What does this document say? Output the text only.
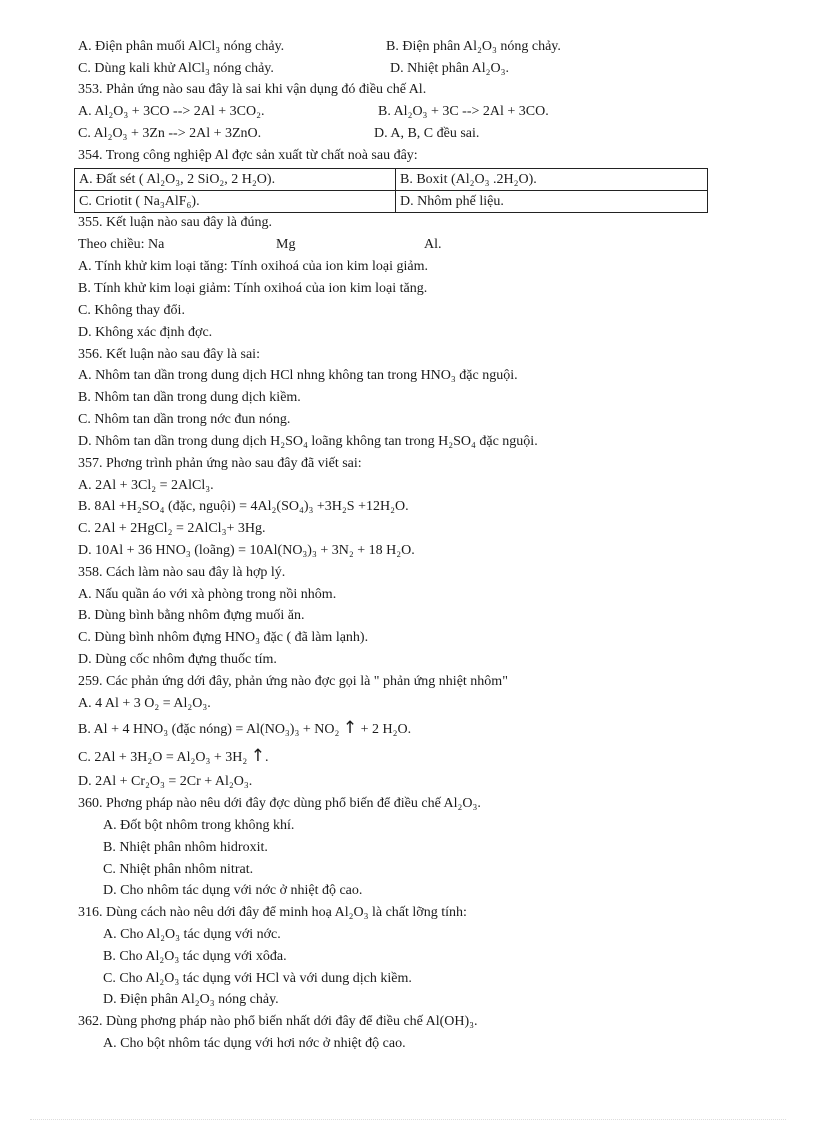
A. Điện phân muối AlCl₃ nóng chảy.	B. Điện phân Al₂O₃ nóng chảy.
C. Dùng kali khử AlCl₃ nóng chảy.	D. Nhiệt phân Al₂O₃.
353. Phản ứng nào sau đây là sai khi vận dụng đó điều chế Al.
A. Al₂O₃ + 3CO --> 2Al + 3CO₂.	B. Al₂O₃ + 3C --> 2Al + 3CO.
C. Al₂O₃ + 3Zn --> 2Al + 3ZnO.	D. A, B, C đều sai.
354. Trong công nghiệp Al đợc sản xuất từ chất noà sau đây:
A. Đất sét ( Al₂O₃, 2 SiO₂, 2 H₂O).	B. Boxit (Al₂O₃ .2H₂O).
C. Criotit ( Na₃AlF₆).	D. Nhôm phế liệu.
355. Kết luận nào sau đây là đúng.
Theo chiều: Na	Mg	Al.
A. Tính khử kim loại tăng: Tính oxihoá của ion kim loại giảm.
B. Tính khử kim loại giảm: Tính oxihoá của ion kim loại tăng.
C. Không thay đổi.
D. Không xác định đợc.
356. Kết luận nào sau đây là sai:
A. Nhôm tan dần trong dung dịch HCl nhng không tan trong HNO₃ đặc nguội.
B. Nhôm tan dần trong dung dịch kiềm.
C. Nhôm tan dần trong nớc đun nóng.
D. Nhôm tan dần trong dung dịch H₂SO₄ loãng không tan trong H₂SO₄ đặc nguội.
357. Phơng trình phản ứng nào sau đây đã viết sai:
A. 2Al + 3Cl₂ = 2AlCl₃.
B. 8Al +H₂SO₄ (đặc, nguội) = 4Al₂(SO₄)₃ +3H₂S +12H₂O.
C. 2Al + 2HgCl₂ = 2AlCl₃+ 3Hg.
D. 10Al + 36 HNO₃ (loãng) = 10Al(NO₃)₃ + 3N₂ + 18 H₂O.
358. Cách làm nào sau đây là hợp lý.
A. Nấu quần áo với xà phòng trong nồi nhôm.
B. Dùng bình bằng nhôm đựng muối ăn.
C. Dùng bình nhôm đựng HNO₃ đặc ( đã làm lạnh).
D. Dùng cốc nhôm đựng thuốc tím.
259. Các phản ứng dới đây, phản ứng nào đợc gọi là " phản ứng nhiệt nhôm"
A. 4 Al + 3 O₂ = Al₂O₃.
B. Al + 4 HNO₃ (đặc nóng) = Al(NO₃)₃ + NO₂ ↑ + 2 H₂O.
C. 2Al + 3H₂O = Al₂O₃ + 3H₂ ↑.
D. 2Al + Cr₂O₃ = 2Cr + Al₂O₃.
360. Phơng pháp nào nêu dới đây đợc dùng phổ biến để điều chế Al₂O₃.
A. Đốt bột nhôm trong không khí.
B. Nhiệt phân nhôm hidroxit.
C. Nhiệt phân nhôm nitrat.
D. Cho nhôm tác dụng với nớc ở nhiệt độ cao.
316. Dùng cách nào nêu dới đây để minh hoạ Al₂O₃ là chất lỡng tính:
A. Cho Al₂O₃ tác dụng với nớc.
B. Cho Al₂O₃ tác dụng với xôđa.
C. Cho Al₂O₃ tác dụng với HCl và với dung dịch kiềm.
D. Điện phân Al₂O₃ nóng chảy.
362. Dùng phơng pháp nào phổ biến nhất dới đây để điều chế Al(OH)₃.
A. Cho bột nhôm tác dụng với hơi nớc ở nhiệt độ cao.
